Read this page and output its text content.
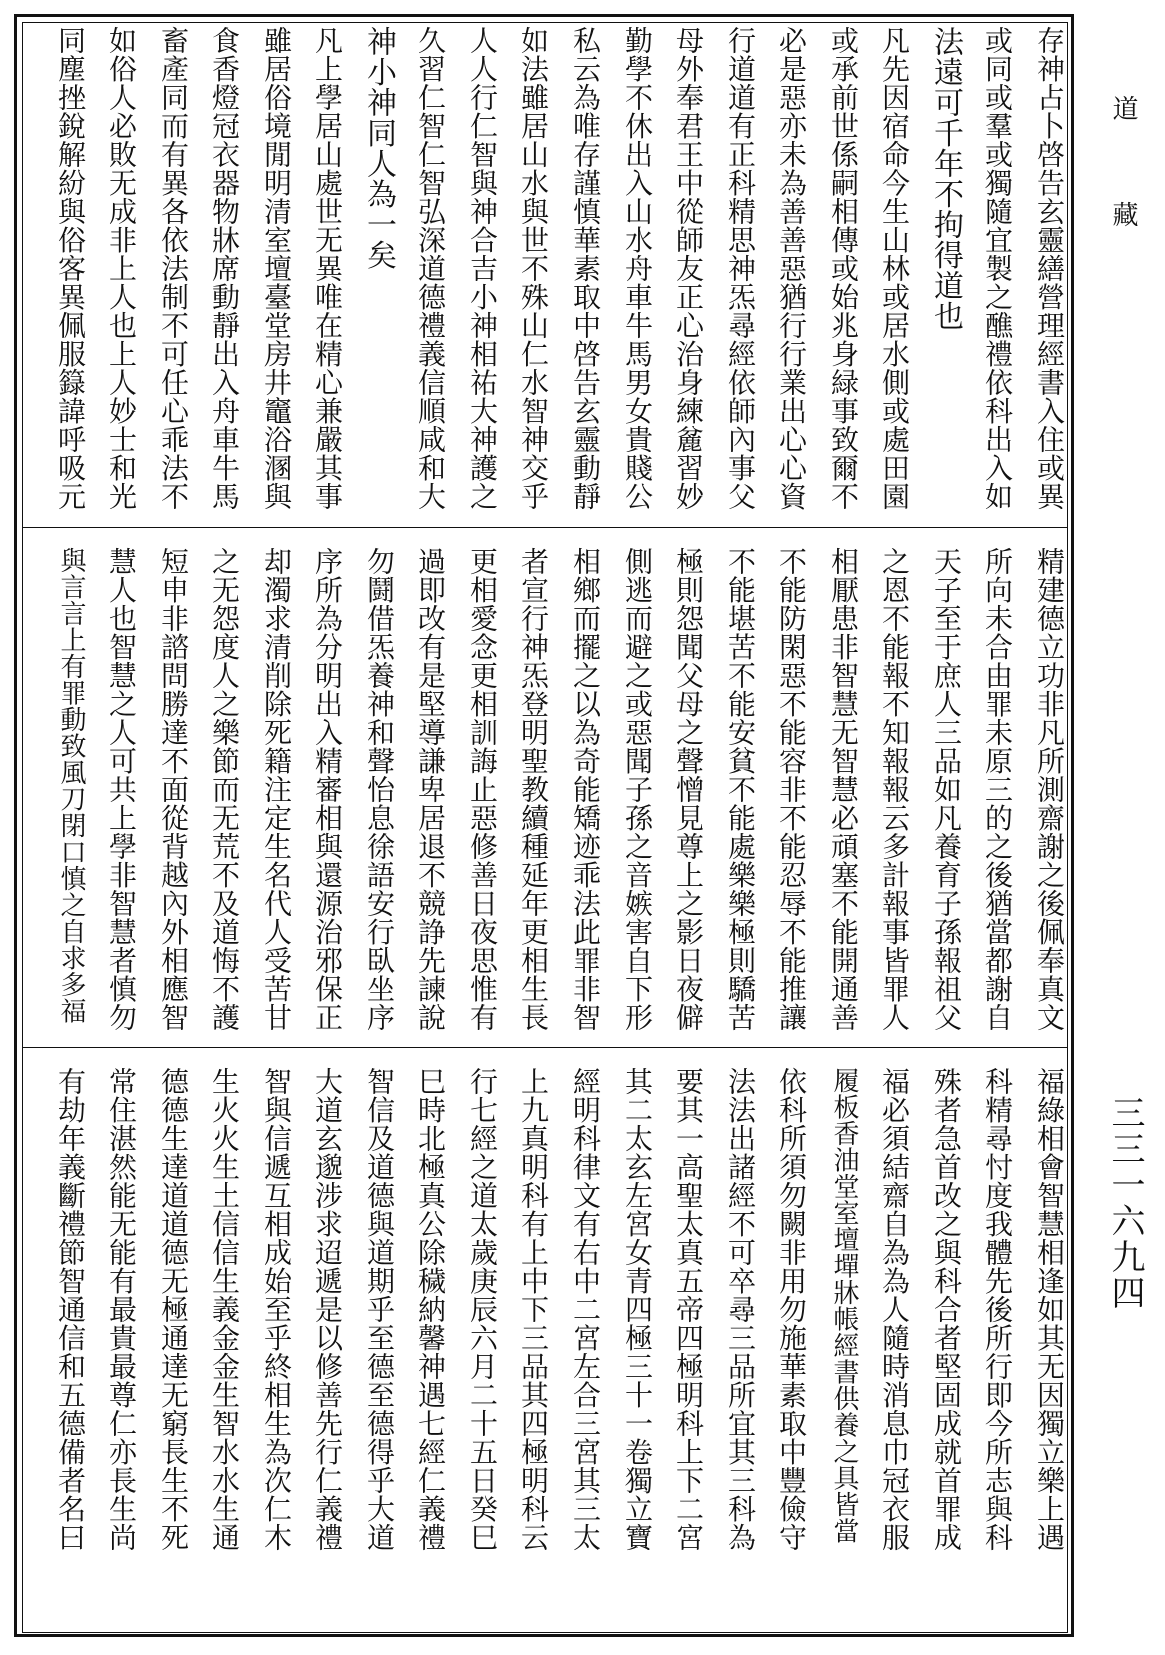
道藏
三三一六九四
存神占卜啓告玄靈繕營理經書入住或異
或同或羣或獨隨宜製之醮禮依科出入如
法遠可千年不拘得道也
凡先因宿命今生山林或居水側或處田園
或承前世係嗣相傳或始兆身緑事致爾不
必是惡亦未為善善惡猶行行業出心心資
行道道有正科精思神炁尋經依師內事父
母外奉君王中從師友正心治身練麄習妙
勤學不休出入山水舟車牛馬男女貴賤公
私云為唯存謹慎華素取中啓告玄靈動靜
如法雖居山水與世不殊山仁水智神交乎
人人行仁智與神合吉小神相祐大神護之
久習仁智仁智弘深道德禮義信順咸和大
神小神同人為一矣
凡上學居山處世无異唯在精心兼嚴其事
雖居俗境閒明清室壇臺堂房井竈浴溷與
食香燈冠衣器物牀席動靜出入舟車牛馬
畜產同而有異各依法制不可任心乖法不
如俗人必敗无成非上人也上人妙士和光
同塵挫銳解紛與俗客異佩服籙諱呼吸元
精建德立功非凡所測齋謝之後佩奉真文
所向未合由罪未原三的之後猶當都謝自
天子至于庶人三品如凡養育子孫報祖父
之恩不能報不知報報云多計報事皆罪人
相厭患非智慧无智慧必頑塞不能開通善
不能防閑惡不能容非不能忍辱不能推讓
不能堪苦不能安貧不能處樂樂極則驕苦
極則怨聞父母之聲憎見尊上之影日夜僻
側逃而避之或惡聞子孫之音嫉害自下形
相鄉而擺之以為奇能矯迹乖法此罪非智
者宣行神炁登明聖教續種延年更相生長
更相愛念更相訓誨止惡修善日夜思惟有
過即改有是堅導謙卑居退不競諍先諫說
勿鬪借炁養神和聲怡息徐語安行臥坐序
序所為分明出入精審相與還源治邪保正
却濁求清削除死籍注定生名代人受苦甘
之无怨度人之樂節而无荒不及道悔不護
短申非諮問勝達不面從背越內外相應智
慧人也智慧之人可共上學非智慧者慎勿
與言言上有罪動致風刀閉口慎之自求多福
福綠相會智慧相逢如其无因獨立樂上遇
科精尋忖度我體先後所行即今所志與科
殊者急首改之與科合者堅固成就首罪成
福必須結齋自為為人隨時消息巾冠衣服
履板香油堂室壇墠牀帳經書供養之具皆當
依科所須勿闕非用勿施華素取中豐儉守
法法出諸經不可卒尋三品所宜其三科為
要其一高聖太真五帝四極明科上下二宮
其二太玄左宮女青四極三十一卷獨立寶
經明科律文有右中二宮左合三宮其三太
上九真明科有上中下三品其四極明科云
行七經之道太歲庚辰六月二十五日癸巳
巳時北極真公除穢納馨神遇七經仁義禮
智信及道德與道期乎至德至德得乎大道
大道玄邈涉求迢遞是以修善先行仁義禮
智與信遞互相成始至乎終相生為次仁木
生火火生土信信生義金金生智水水生通
德德生達道道德无極通達无窮長生不死
常住湛然能无能有最貴最尊仁亦長生尚
有劫年義斷禮節智通信和五德備者名曰
